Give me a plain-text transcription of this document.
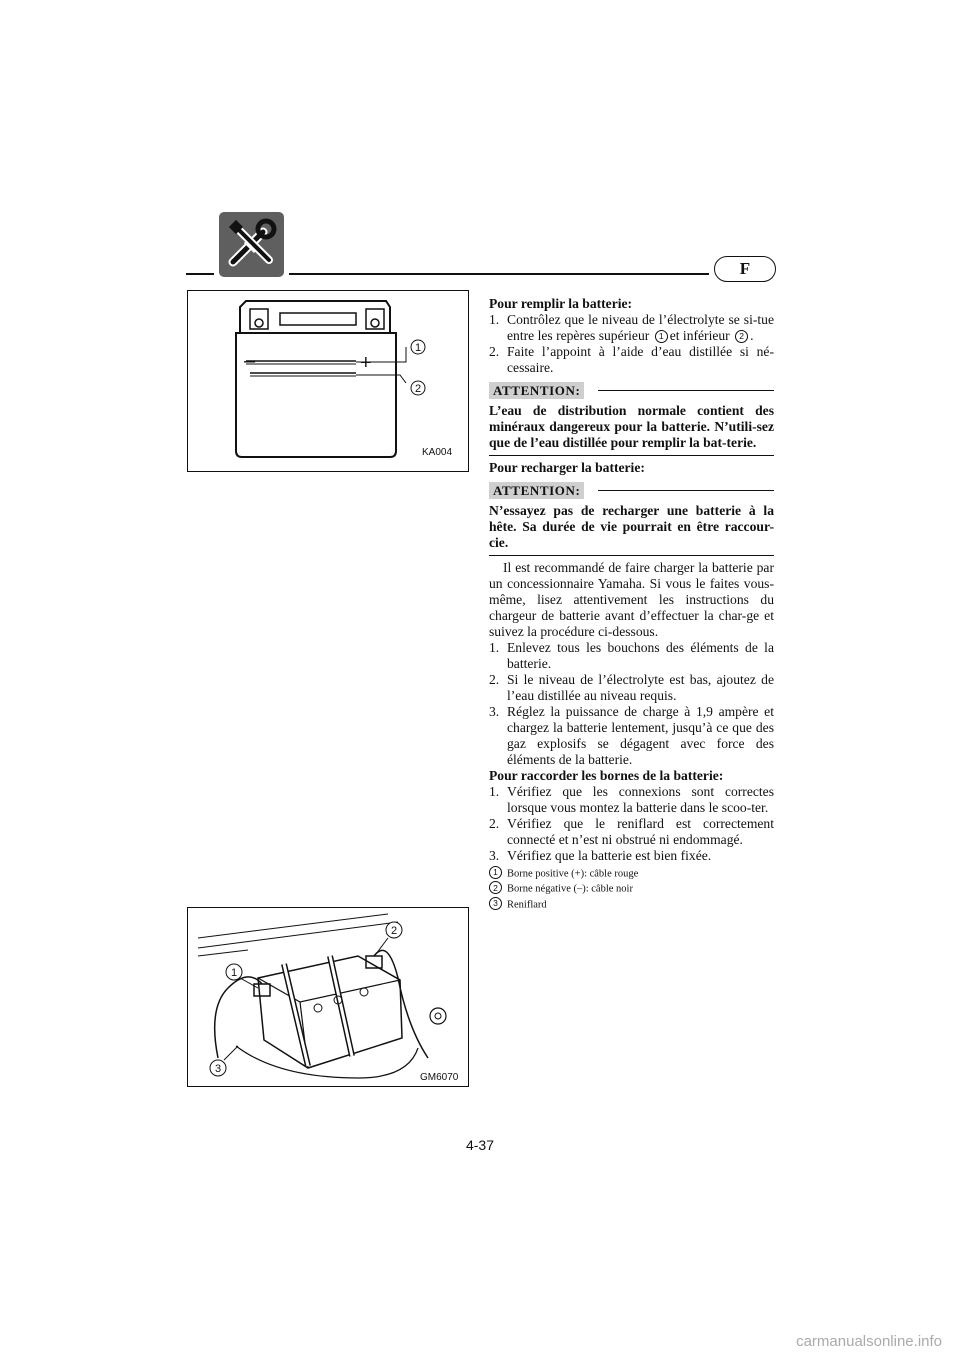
F
–	+
1
2
KA004
1
2
3
GM6070

Pour remplir la batterie:

1. Contrôlez que le niveau de l’électrolyte se si-tue entre les repères supérieur 1 et inférieur 2 .
2. Faite l’appoint à l’aide d’eau distillée si né-cessaire.
ATTENTION:

L’eau de distribution normale contient des minéraux dangereux pour la batterie. N’utili-sez que de l’eau distillée pour remplir la bat-terie.

Pour recharger la batterie:

ATTENTION:

N’essayez pas de recharger une batterie à la hête. Sa durée de vie pourrait en être raccour-cie.

Il est recommandé de faire charger la batterie par un concessionnaire Yamaha. Si vous le faites vous-même, lisez attentivement les instructions du chargeur de batterie avant d’effectuer la char-ge et suivez la procédure ci-dessous.

1. Enlevez tous les bouchons des éléments de la batterie.
2. Si le niveau de l’électrolyte est bas, ajoutez de l’eau distillée au niveau requis.
3. Réglez la puissance de charge à 1,9 ampère et chargez la batterie lentement, jusqu’à ce que des gaz explosifs se dégagent avec force des éléments de la batterie.

Pour raccorder les bornes de la batterie:

1. Vérifiez que les connexions sont correctes lorsque vous montez la batterie dans le scoo-ter.
2. Vérifiez que le reniflard est correctement connecté et n’est ni obstrué ni endommagé.
3. Vérifiez que la batterie est bien fixée.
1 Borne positive (+): câble rouge
2 Borne négative (–): câble noir
3 Reniflard
4-37
carmanualsonline.info
